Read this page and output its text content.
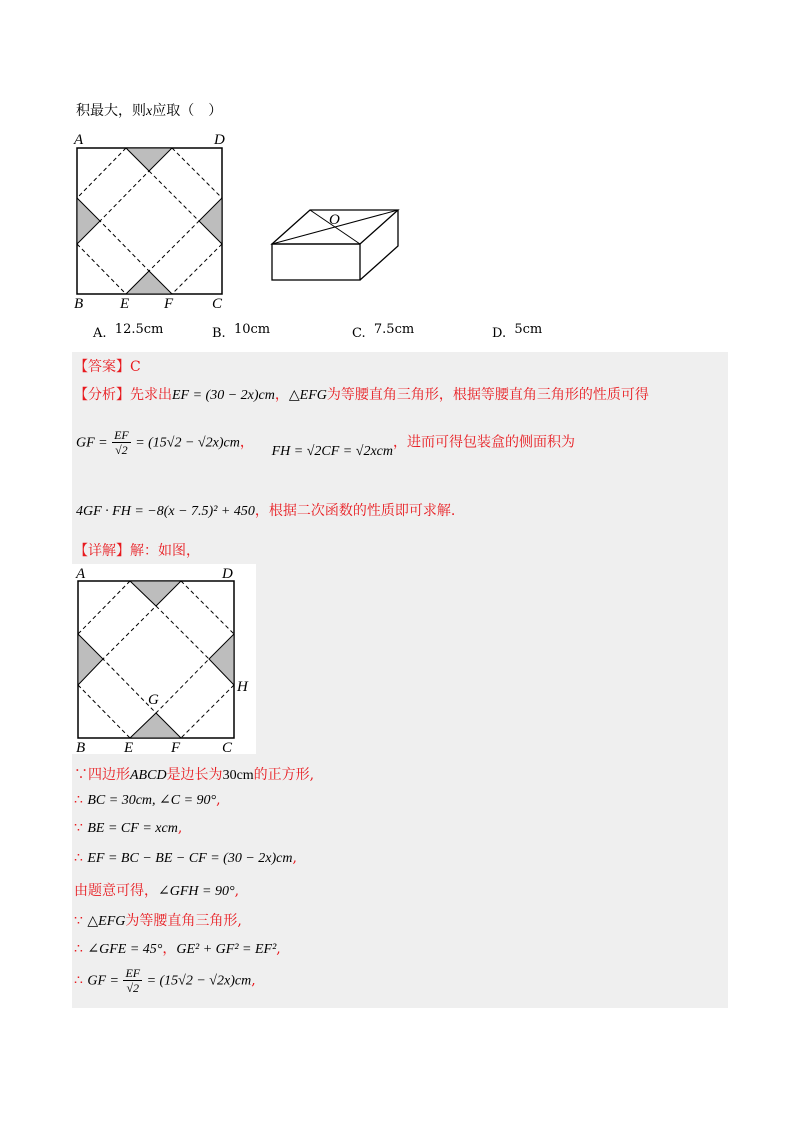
积最大，则x应取（　）
A	D
B E F	C
O
A. 12.5cm	B. 10cm	C. 7.5cm	D. 5cm
【答案】C
【分析】先求出EF = (30 − 2x)cm，△EFG为等腰直角三角形，根据等腰直角三角形的性质可得
GF = $\frac{EF}{√2} = (15√2 - √2x)cm$，    FH = √2CF = √2xcm，进而可得包装盒的侧面积为
4GF · FH = −8(x − 7.5)² + 450，根据二次函数的性质即可求解.
【详解】解：如图，
A	D
G
H
B	E	F	C
∵四边形ABCD是边长为30cm的正方形,
∴ BC = 30cm, ∠C = 90°,
∵ BE = CF = xcm,
∴ EF = BC − BE − CF = (30 − 2x)cm,
由题意可得，∠GFH = 90°,
∵ △EFG为等腰直角三角形,
∴ ∠GFE = 45°，GE² + GF² = EF²,
∴ GF = $\frac{EF}{√2} = (15√2 - √2x)cm$,
